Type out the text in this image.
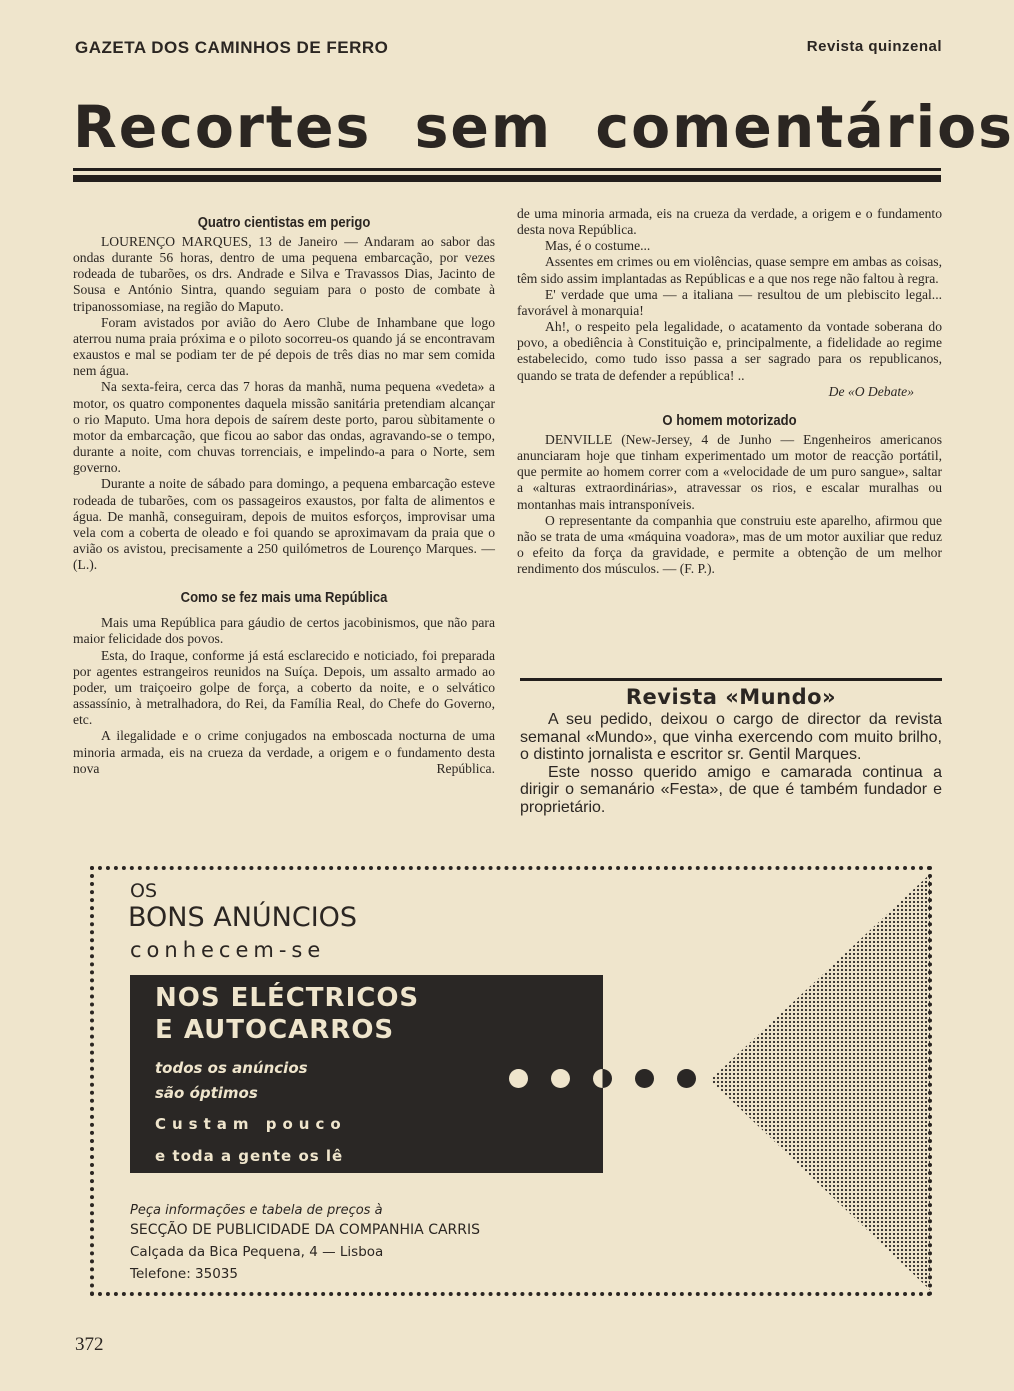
GAZETA DOS CAMINHOS DE FERRO	Revista quinzenal
Recortes sem comentários
Quatro cientistas em perigo

LOURENÇO MARQUES, 13 de Janeiro — Andaram ao sabor das ondas durante 56 horas, dentro de uma pequena embarcação, por vezes rodeada de tubarões, os drs. Andrade e Silva e Travassos Dias, Jacinto de Sousa e António Sintra, quando seguiam para o posto de combate à tripanossomiase, na região do Maputo.

Foram avistados por avião do Aero Clube de Inhambane que logo aterrou numa praia próxima e o piloto socorreu-os quando já se encontravam exaustos e mal se podiam ter de pé depois de três dias no mar sem comida nem água.

Na sexta-feira, cerca das 7 horas da manhã, numa pequena «vedeta» a motor, os quatro componentes daquela missão sanitária pretendiam alcançar o rio Maputo. Uma hora depois de saírem deste porto, parou sùbitamente o motor da embarcação, que ficou ao sabor das ondas, agravando-se o tempo, durante a noite, com chuvas torrenciais, e impelindo-a para o Norte, sem governo.

Durante a noite de sábado para domingo, a pequena embarcação esteve rodeada de tubarões, com os passageiros exaustos, por falta de alimentos e água. De manhã, conseguiram, depois de muitos esforços, improvisar uma vela com a coberta de oleado e foi quando se aproximavam da praia que o avião os avistou, precisamente a 250 quilómetros de Lourenço Marques. — (L.).

Como se fez mais uma República

Mais uma República para gáudio de certos jacobinismos, que não para maior felicidade dos povos.

Esta, do Iraque, conforme já está esclarecido e noticiado, foi preparada por agentes estrangeiros reunidos na Suíça. Depois, um assalto armado ao poder, um traiçoeiro golpe de força, a coberto da noite, e o selvático assassínio, à metralhadora, do Rei, da Família Real, do Chefe do Governo, etc.

A ilegalidade e o crime conjugados na emboscada nocturna de uma minoria armada, eis na crueza da verdade, a origem e o fundamento desta nova República.

de uma minoria armada, eis na crueza da verdade, a origem e o fundamento desta nova República.

Mas, é o costume...

Assentes em crimes ou em violências, quase sempre em ambas as coisas, têm sido assim implantadas as Repúblicas e a que nos rege não faltou à regra.

E' verdade que uma — a italiana — resultou de um plebiscito legal... favorável à monarquia!

Ah!, o respeito pela legalidade, o acatamento da vontade soberana do povo, a obediência à Constituição e, principalmente, a fidelidade ao regime estabelecido, como tudo isso passa a ser sagrado para os republicanos, quando se trata de defender a república! ..

De «O Debate»

O homem motorizado

DENVILLE (New-Jersey, 4 de Junho — Engenheiros americanos anunciaram hoje que tinham experimentado um motor de reacção portátil, que permite ao homem correr com a «velocidade de um puro sangue», saltar a «alturas extraordinárias», atravessar os rios, e escalar muralhas ou montanhas mais intransponíveis.

O representante da companhia que construiu este aparelho, afirmou que não se trata de uma «máquina voadora», mas de um motor auxiliar que reduz o efeito da força da gravidade, e permite a obtenção de um melhor rendimento dos músculos. — (F. P.).

Revista «Mundo»

A seu pedido, deixou o cargo de director da revista semanal «Mundo», que vinha exercendo com muito brilho, o distinto jornalista e escritor sr. Gentil Marques.

Este nosso querido amigo e camarada continua a dirigir o semanário «Festa», de que é também fundador e proprietário.

OS
BONS ANÚNCIOS
conhecem-se
NOS ELÉCTRICOS
E AUTOCARROS
todos os anúncios
são óptimos
Custam pouco
e toda a gente os lê
Peça informações e tabela de preços à
SECÇÃO DE PUBLICIDADE DA COMPANHIA CARRIS
Calçada da Bica Pequena, 4 — Lisboa
Telefone: 35035
372
